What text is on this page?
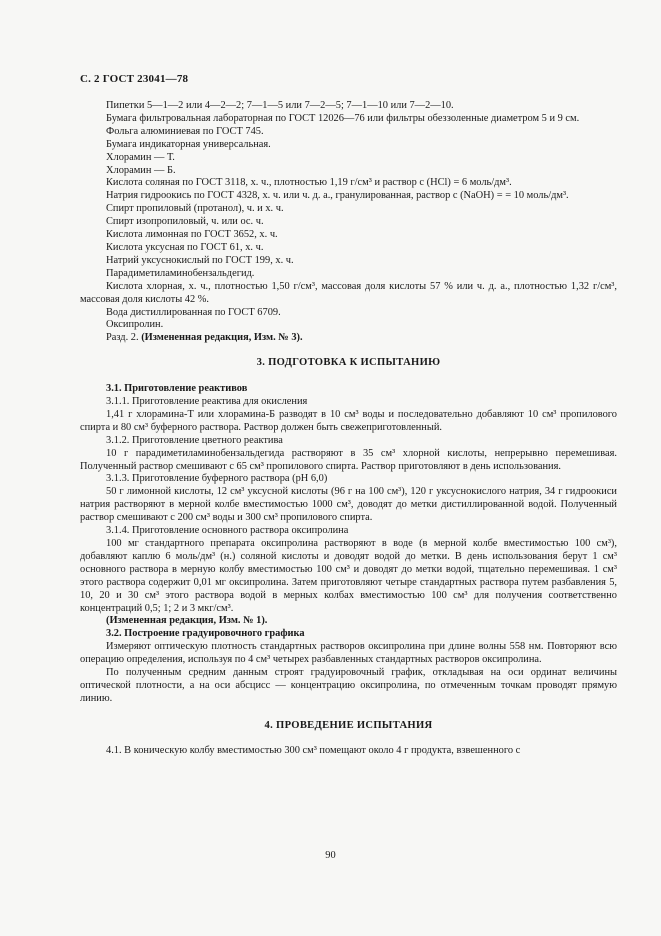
С. 2 ГОСТ 23041—78

Пипетки 5—1—2 или 4—2—2; 7—1—5 или 7—2—5; 7—1—10 или 7—2—10.

Бумага фильтровальная лабораторная по ГОСТ 12026—76 или фильтры обеззоленные диаметром 5 и 9 см.

Фольга алюминиевая по ГОСТ 745.

Бумага индикаторная универсальная.

Хлорамин — Т.

Хлорамин — Б.

Кислота соляная по ГОСТ 3118, х. ч., плотностью 1,19 г/см³ и раствор с (HCl) = 6 моль/дм³.

Натрия гидроокись по ГОСТ 4328, х. ч. или ч. д. а., гранулированная, раствор с (NaOH) = = 10 моль/дм³.

Спирт пропиловый (протанол), ч. и х. ч.

Спирт изопропиловый, ч. или ос. ч.

Кислота лимонная по ГОСТ 3652, х. ч.

Кислота уксусная по ГОСТ 61, х. ч.

Натрий уксуснокислый по ГОСТ 199, х. ч.

Парадиметиламинобензальдегид.

Кислота хлорная, х. ч., плотностью 1,50 г/см³, массовая доля кислоты 57 % или ч. д. а., плотностью 1,32 г/см³, массовая доля кислоты 42 %.

Вода дистиллированная по ГОСТ 6709.

Оксипролин.

Разд. 2. (Измененная редакция, Изм. № 3).

3. ПОДГОТОВКА К ИСПЫТАНИЮ

3.1. Приготовление реактивов

3.1.1. Приготовление реактива для окисления

1,41 г хлорамина-Т или хлорамина-Б разводят в 10 см³ воды и последовательно добавляют 10 см³ пропилового спирта и 80 см³ буферного раствора. Раствор должен быть свежеприготовленный.

3.1.2. Приготовление цветного реактива

10 г парадиметиламинобензальдегида растворяют в 35 см³ хлорной кислоты, непрерывно перемешивая. Полученный раствор смешивают с 65 см³ пропилового спирта. Раствор приготовляют в день использования.

3.1.3. Приготовление буферного раствора (pH 6,0)

50 г лимонной кислоты, 12 см³ уксусной кислоты (96 г на 100 см³), 120 г уксуснокислого натрия, 34 г гидроокиси натрия растворяют в мерной колбе вместимостью 1000 см³, доводят до метки дистиллированной водой. Полученный раствор смешивают с 200 см³ воды и 300 см³ пропилового спирта.

3.1.4. Приготовление основного раствора оксипролина

100 мг стандартного препарата оксипролина растворяют в воде (в мерной колбе вместимостью 100 см³), добавляют каплю 6 моль/дм³ (н.) соляной кислоты и доводят водой до метки. В день использования берут 1 см³ основного раствора в мерную колбу вместимостью 100 см³ и доводят до метки водой, тщательно перемешивая. 1 см³ этого раствора содержит 0,01 мг оксипролина. Затем приготовляют четыре стандартных раствора путем разбавления 5, 10, 20 и 30 см³ этого раствора водой в мерных колбах вместимостью 100 см³ для получения соответственно концентраций 0,5; 1; 2 и 3 мкг/см³.

(Измененная редакция, Изм. № 1).

3.2. Построение градуировочного графика

Измеряют оптическую плотность стандартных растворов оксипролина при длине волны 558 нм. Повторяют всю операцию определения, используя по 4 см³ четырех разбавленных стандартных растворов оксипролина.

По полученным средним данным строят градуировочный график, откладывая на оси ординат величины оптической плотности, а на оси абсцисс — концентрацию оксипролина, по отмеченным точкам проводят прямую линию.

4. ПРОВЕДЕНИЕ ИСПЫТАНИЯ

4.1. В коническую колбу вместимостью 300 см³ помещают около 4 г продукта, взвешенного с

90
